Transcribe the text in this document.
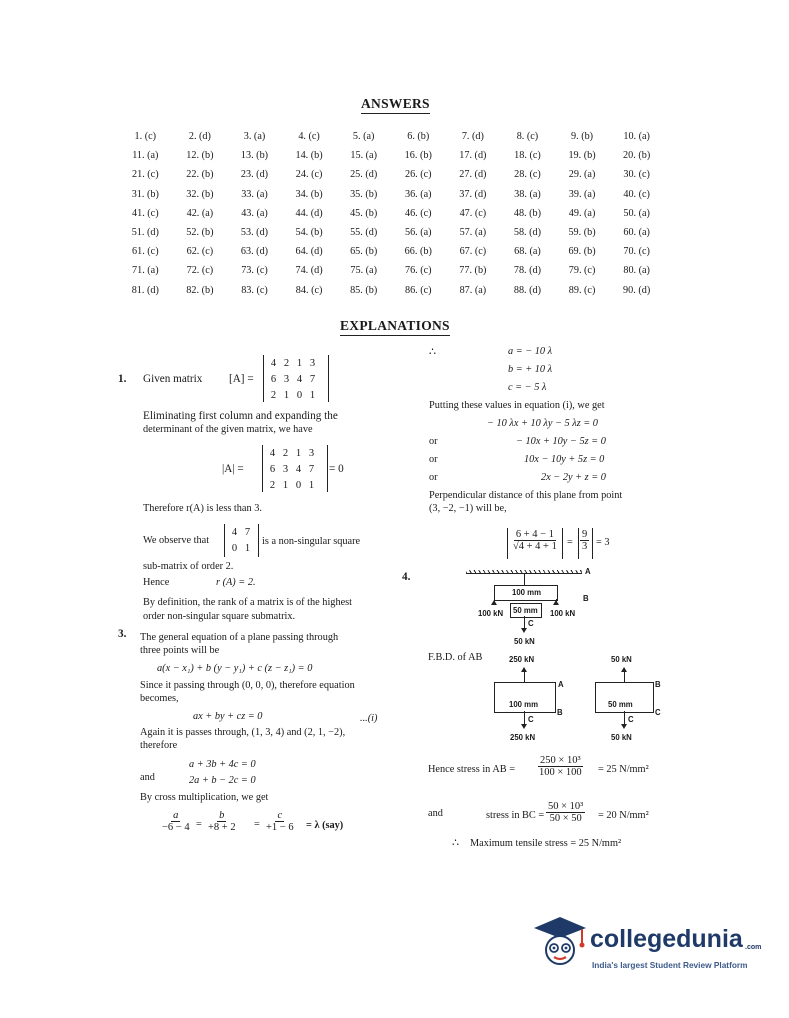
ANSWERS
1. (c)	2. (d)	3. (a)	4. (c)	5. (a)	6. (b)	7. (d)	8. (c)	9. (b)	10. (a)
11. (a)	12. (b)	13. (b)	14. (b)	15. (a)	16. (b)	17. (d)	18. (c)	19. (b)	20. (b)
21. (c)	22. (b)	23. (d)	24. (c)	25. (d)	26. (c)	27. (d)	28. (c)	29. (a)	30. (c)
31. (b)	32. (b)	33. (a)	34. (b)	35. (b)	36. (a)	37. (d)	38. (a)	39. (a)	40. (c)
41. (c)	42. (a)	43. (a)	44. (d)	45. (b)	46. (c)	47. (c)	48. (b)	49. (a)	50. (a)
51. (d)	52. (b)	53. (d)	54. (b)	55. (d)	56. (a)	57. (a)	58. (d)	59. (b)	60. (a)
61. (c)	62. (c)	63. (d)	64. (d)	65. (b)	66. (b)	67. (c)	68. (a)	69. (b)	70. (c)
71. (a)	72. (c)	73. (c)	74. (d)	75. (a)	76. (c)	77. (b)	78. (d)	79. (c)	80. (a)
81. (d)	82. (b)	83. (c)	84. (c)	85. (b)	86. (c)	87. (a)	88. (d)	89. (c)	90. (d)
EXPLANATIONS
1. Given matrix [A] =
4 2 1 3
6 3 4 7
2 1 0 1
Eliminating first column and expanding the
determinant of the given matrix, we have
|A| =
4 2 1 3
6 3 4 7
2 1 0 1
= 0
Therefore r(A) is less than 3.
We observe that
4 7
0 1
is a non-singular square
sub-matrix of order 2.
Hence	r (A) = 2.
By definition, the rank of a matrix is of the highest
order non-singular square submatrix.
3. The general equation of a plane passing through
three points will be
a(x − x₁) + b (y − y₁) + c (z − z₁) = 0
Since it passing through (0, 0, 0), therefore equation
becomes,
ax + by + cz = 0	...(i)
Again it is passes through, (1, 3, 4) and (2, 1, −2),
therefore
a + 3b + 4c = 0
and	2a + b − 2c = 0
By cross multiplication, we get
$\frac{a}{-6 - 4} = \frac{b}{+8 + 2} = \frac{c}{+1 - 6} = \lambda$ (say)
∴	a = − 10 λ
b = + 10 λ
c = − 5 λ
Putting these values in equation (i), we get
− 10 λx + 10 λy − 5 λz = 0
or	− 10x + 10y − 5z = 0
or	10x − 10y + 5z = 0
or	2x − 2y + z = 0
Perpendicular distance of this plane from point
(3, −2, −1) will be,
$\frac{6 + 4 - 1}{√4 + 4 + 1} = \frac{9}{3} = 3$
4.	A
100 mm
B
50 mm
100 kN	100 kN
C
50 kN
F.B.D. of AB	250 kN	50 kN
A	B
100 mm	50 mm
B	C
C	C
250 kN	50 kN
Hence stress in AB = $\frac{\text{250 × 10³}}{100 \times 100} = 25$ N/mm²
and	stress in BC = $\frac{\text{50 × 10³}}{50 \times 50} = 20$ N/mm²
∴ Maximum tensile stress = 25 N/mm²
collegedunia .com
India's largest Student Review Platform
